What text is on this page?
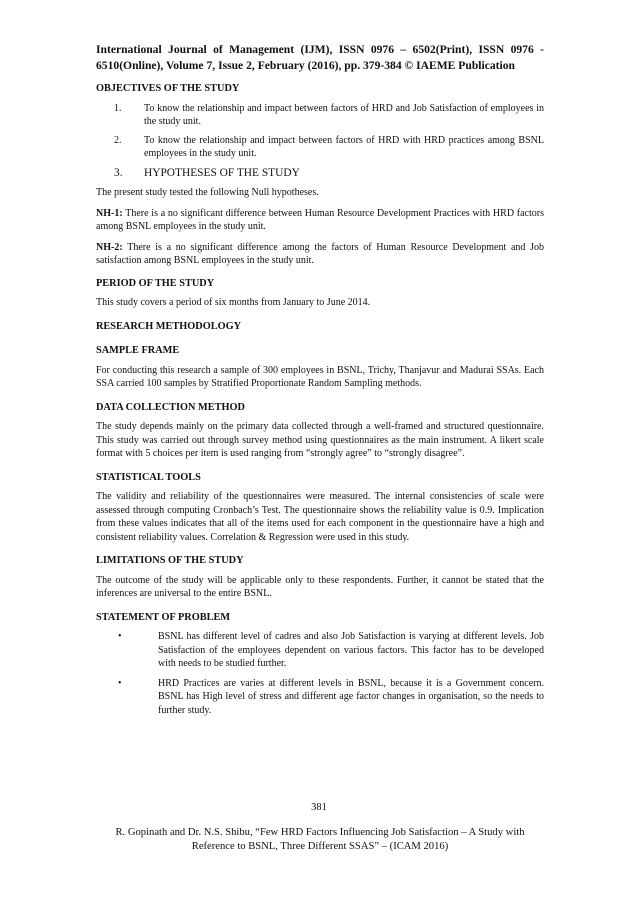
International Journal of Management (IJM), ISSN 0976 – 6502(Print), ISSN 0976 - 6510(Online), Volume 7, Issue 2, February (2016), pp. 379-384 © IAEME Publication
OBJECTIVES OF THE STUDY
1.	To know the relationship and impact between factors of HRD and Job Satisfaction of employees in the study unit.
2.	To know the relationship and impact between factors of HRD with HRD practices among BSNL employees in the study unit.
3.	HYPOTHESES OF THE STUDY

The present study tested the following Null hypotheses.

NH-1: There is a no significant difference between Human Resource Development Practices with HRD factors among BSNL employees in the study unit.

NH-2: There is a no significant difference among the factors of Human Resource Development and Job satisfaction among BSNL employees in the study unit.

PERIOD OF THE STUDY

This study covers a period of six months from January to June 2014.

RESEARCH METHODOLOGY
SAMPLE FRAME

For conducting this research a sample of 300 employees in BSNL, Trichy, Thanjavur and Madurai SSAs. Each SSA carried 100 samples by Stratified Proportionate Random Sampling methods.

DATA COLLECTION METHOD

The study depends mainly on the primary data collected through a well-framed and structured questionnaire. This study was carried out through survey method using questionnaires as the main instrument. A likert scale format with 5 choices per item is used ranging from “strongly agree” to “strongly disagree”.

STATISTICAL TOOLS

The validity and reliability of the questionnaires were measured. The internal consistencies of scale were assessed through computing Cronbach’s Test. The questionnaire shows the reliability value is 0.9. Implication from these values indicates that all of the items used for each component in the questionnaire have a high and consistent reliability values. Correlation & Regression were used in this study.

LIMITATIONS OF THE STUDY

The outcome of the study will be applicable only to these respondents. Further, it cannot be stated that the inferences are universal to the entire BSNL.

STATEMENT OF PROBLEM
•	BSNL has different level of cadres and also Job Satisfaction is varying at different levels. Job Satisfaction of the employees dependent on various factors. This factor has to be developed with needs to be studied further.
•	HRD Practices are varies at different levels in BSNL, because it is a Government concern. BSNL has High level of stress and different age factor changes in organisation, so the needs to further study.
381
R. Gopinath and Dr. N.S. Shibu, “Few HRD Factors Influencing Job Satisfaction – A Study with
Reference to BSNL, Three Different SSAS” – (ICAM 2016)
